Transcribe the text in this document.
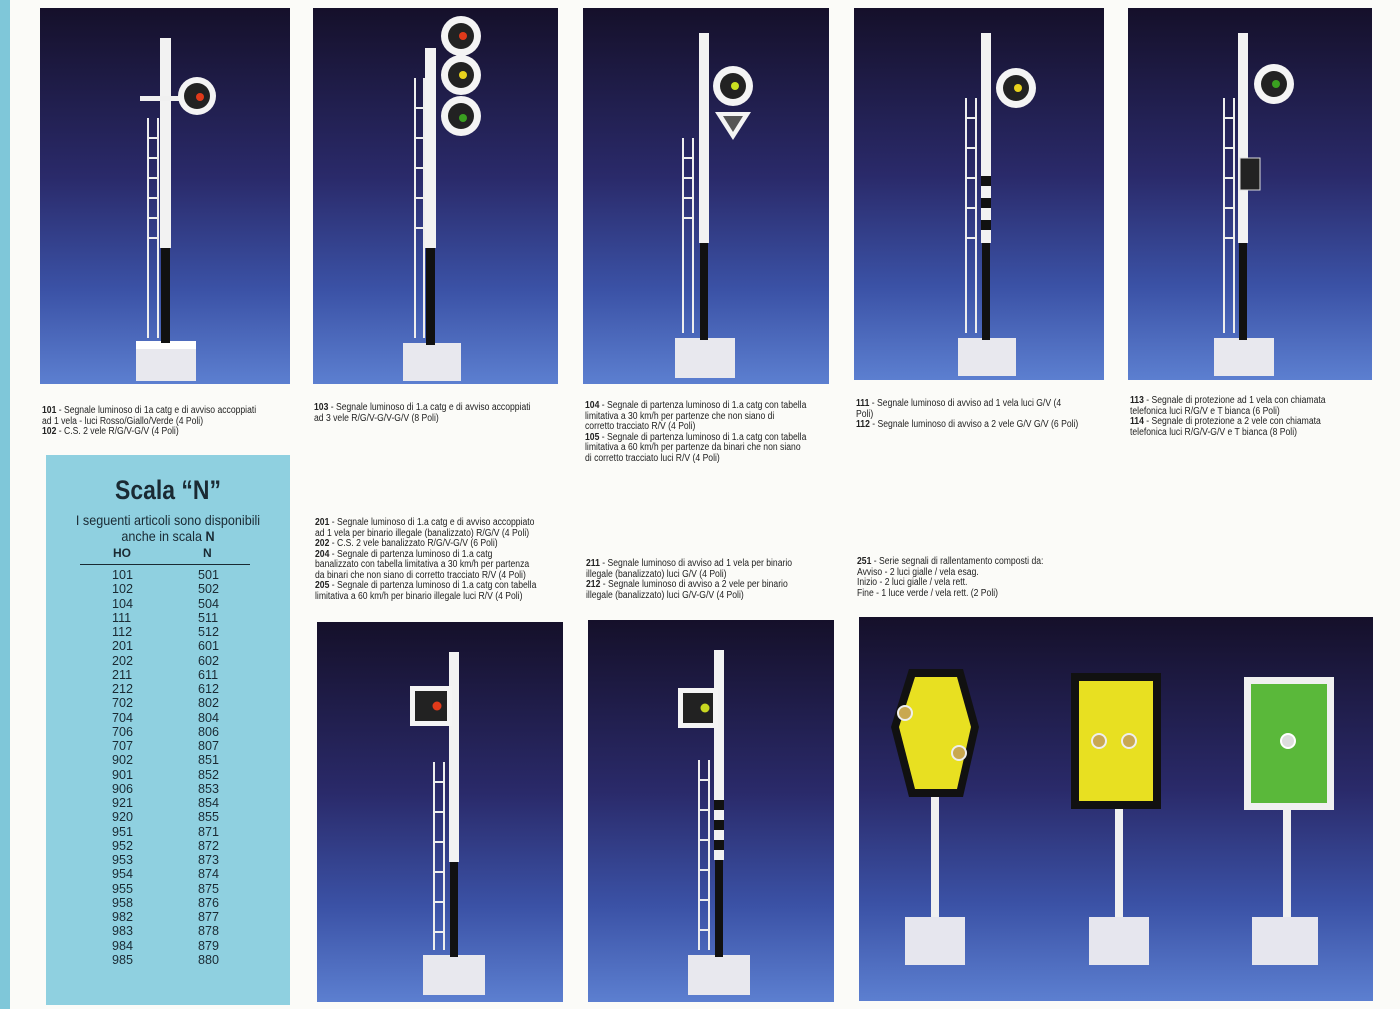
101 - Segnale luminoso di 1a catg e di avviso accoppiati

ad 1 vela - luci Rosso/Giallo/Verde (4 Poli)

102 - C.S. 2 vele R/G/V-G/V (4 Poli)

103 - Segnale luminoso di 1.a catg e di avviso accoppiati

ad 3 vele R/G/V-G/V-G/V (8 Poli)

104 - Segnale di partenza luminoso di 1.a catg con tabella

limitativa a 30 km/h per partenze che non siano di

corretto tracciato R/V (4 Poli)

105 - Segnale di partenza luminoso di 1.a catg con tabella

limitativa a 60 km/h per partenze da binari che non siano

di corretto tracciato luci R/V (4 Poli)

111 - Segnale luminoso di avviso ad 1 vela luci G/V (4

Poli)

112 - Segnale luminoso di avviso a 2 vele G/V G/V (6 Poli)

113 - Segnale di protezione ad 1 vela con chiamata

telefonica luci R/G/V e T bianca (6 Poli)

114 - Segnale di protezione a 2 vele con chiamata

telefonica luci R/G/V-G/V e T bianca (8 Poli)

Scala “N”
I seguenti articoli sono disponibili
anche in scala N
HO	N
101
102
104
111
112
201
202
211
212
702
704
706
707
902
901
906
921
920
951
952
953
954
955
958
982
983
984
985
501
502
504
511
512
601
602
611
612
802
804
806
807
851
852
853
854
855
871
872
873
874
875
876
877
878
879
880

201 - Segnale luminoso di 1.a catg e di avviso accoppiato

ad 1 vela per binario illegale (banalizzato) R/G/V (4 Poli)

202 - C.S. 2 vele banalizzato R/G/V-G/V (6 Poli)

204 - Segnale di partenza luminoso di 1.a catg

banalizzato con tabella limitativa a 30 km/h per partenza

da binari che non siano di corretto tracciato R/V (4 Poli)

205 - Segnale di partenza luminoso di 1.a catg con tabella

limitativa a 60 km/h per binario illegale luci R/V (4 Poli)

211 - Segnale luminoso di avviso ad 1 vela per binario

illegale (banalizzato) luci G/V (4 Poli)

212 - Segnale luminoso di avviso a 2 vele per binario

illegale (banalizzato) luci G/V-G/V (4 Poli)

251 - Serie segnali di rallentamento composti da:

Avviso - 2 luci gialle / vela esag.

Inizio - 2 luci gialle / vela rett.

Fine - 1 luce verde / vela rett. (2 Poli)
